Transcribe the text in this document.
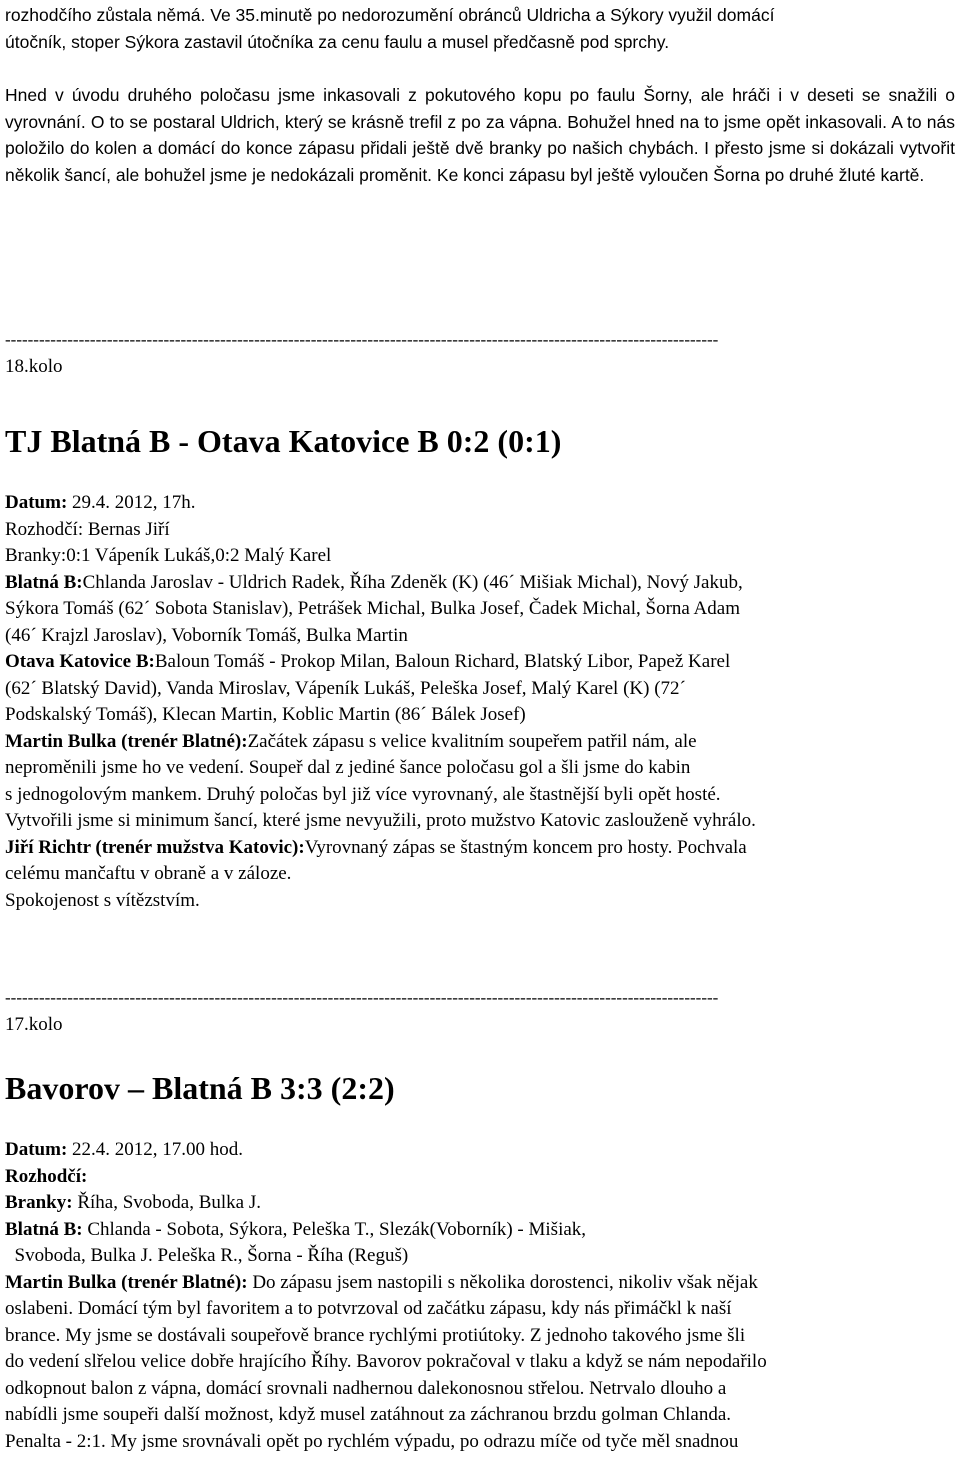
rozhodčího zůstala němá. Ve 35.minutě po nedorozumění obránců Uldricha a Sýkory využil domácí
útočník, stoper Sýkora zastavil útočníka za cenu faulu a musel předčasně pod sprchy.
Hned v úvodu druhého poločasu jsme inkasovali z pokutového kopu po faulu Šorny, ale hráči i v deseti se snažili o vyrovnání. O to se postaral Uldrich, který se krásně trefil z po za vápna. Bohužel hned na to jsme opět inkasovali. A to nás položilo do kolen a domácí do konce zápasu přidali ještě dvě branky po našich chybách. I přesto jsme si dokázali vytvořit několik šancí, ale bohužel jsme je nedokázali proměnit. Ke konci zápasu byl ještě vyloučen Šorna po druhé žluté kartě.
------------------------------------------------------------------------------------------------------------------------------
18.kolo
TJ Blatná B - Otava Katovice B 0:2 (0:1)
Datum: 29.4. 2012, 17h.
Rozhodčí: Bernas Jiří
Branky:0:1 Vápeník Lukáš,0:2 Malý Karel
Blatná B:Chlanda Jaroslav - Uldrich Radek, Říha Zdeněk (K) (46´ Mišiak Michal), Nový Jakub,
Sýkora Tomáš (62´ Sobota Stanislav), Petrášek Michal, Bulka Josef, Čadek Michal, Šorna Adam
(46´ Krajzl Jaroslav), Voborník Tomáš, Bulka Martin
Otava Katovice B:Baloun Tomáš - Prokop Milan, Baloun Richard, Blatský Libor, Papež Karel
(62´ Blatský David), Vanda Miroslav, Vápeník Lukáš, Peleška Josef, Malý Karel (K) (72´
Podskalský Tomáš), Klecan Martin, Koblic Martin (86´ Bálek Josef)
Martin Bulka (trenér Blatné):Začátek zápasu s velice kvalitním soupeřem patřil nám, ale
neproměnili jsme ho ve vedení. Soupeř dal z jediné šance poločasu gol a šli jsme do kabin
s jednogolovým mankem. Druhý poločas byl již více vyrovnaný, ale štastnější byli opět hosté.
Vytvořili jsme si minimum šancí, které jsme nevyužili, proto mužstvo Katovic zaslouženě vyhrálo.
Jiří Richtr (trenér mužstva Katovic):Vyrovnaný zápas se štastným koncem pro hosty. Pochvala
celému mančaftu v obraně a v záloze.
Spokojenost s vítězstvím.
------------------------------------------------------------------------------------------------------------------------------
17.kolo
Bavorov – Blatná B 3:3 (2:2)
Datum: 22.4. 2012, 17.00 hod.
Rozhodčí:
Branky: Říha, Svoboda, Bulka J.
Blatná B: Chlanda - Sobota, Sýkora, Peleška T., Slezák(Voborník) - Mišiak,
Svoboda, Bulka J. Peleška R., Šorna - Říha (Reguš)
Martin Bulka (trenér Blatné): Do zápasu jsem nastopili s několika dorostenci, nikoliv však nějak
oslabeni. Domácí tým byl favoritem a to potvrzoval od začátku zápasu, kdy nás přimáčkl k naší
brance. My jsme se dostávali soupeřově brance rychlými protiútoky. Z jednoho takového jsme šli
do vedení slřelou velice dobře hrajícího Říhy. Bavorov pokračoval v tlaku a když se nám nepodařilo
odkopnout balon z vápna, domácí srovnali nadhernou dalekonosnou střelou. Netrvalo dlouho a
nabídli jsme soupeři další možnost, když musel zatáhnout za záchranou brzdu golman Chlanda.
Penalta - 2:1. My jsme srovnávali opět po rychlém výpadu, po odrazu míče od tyče měl snadnou
